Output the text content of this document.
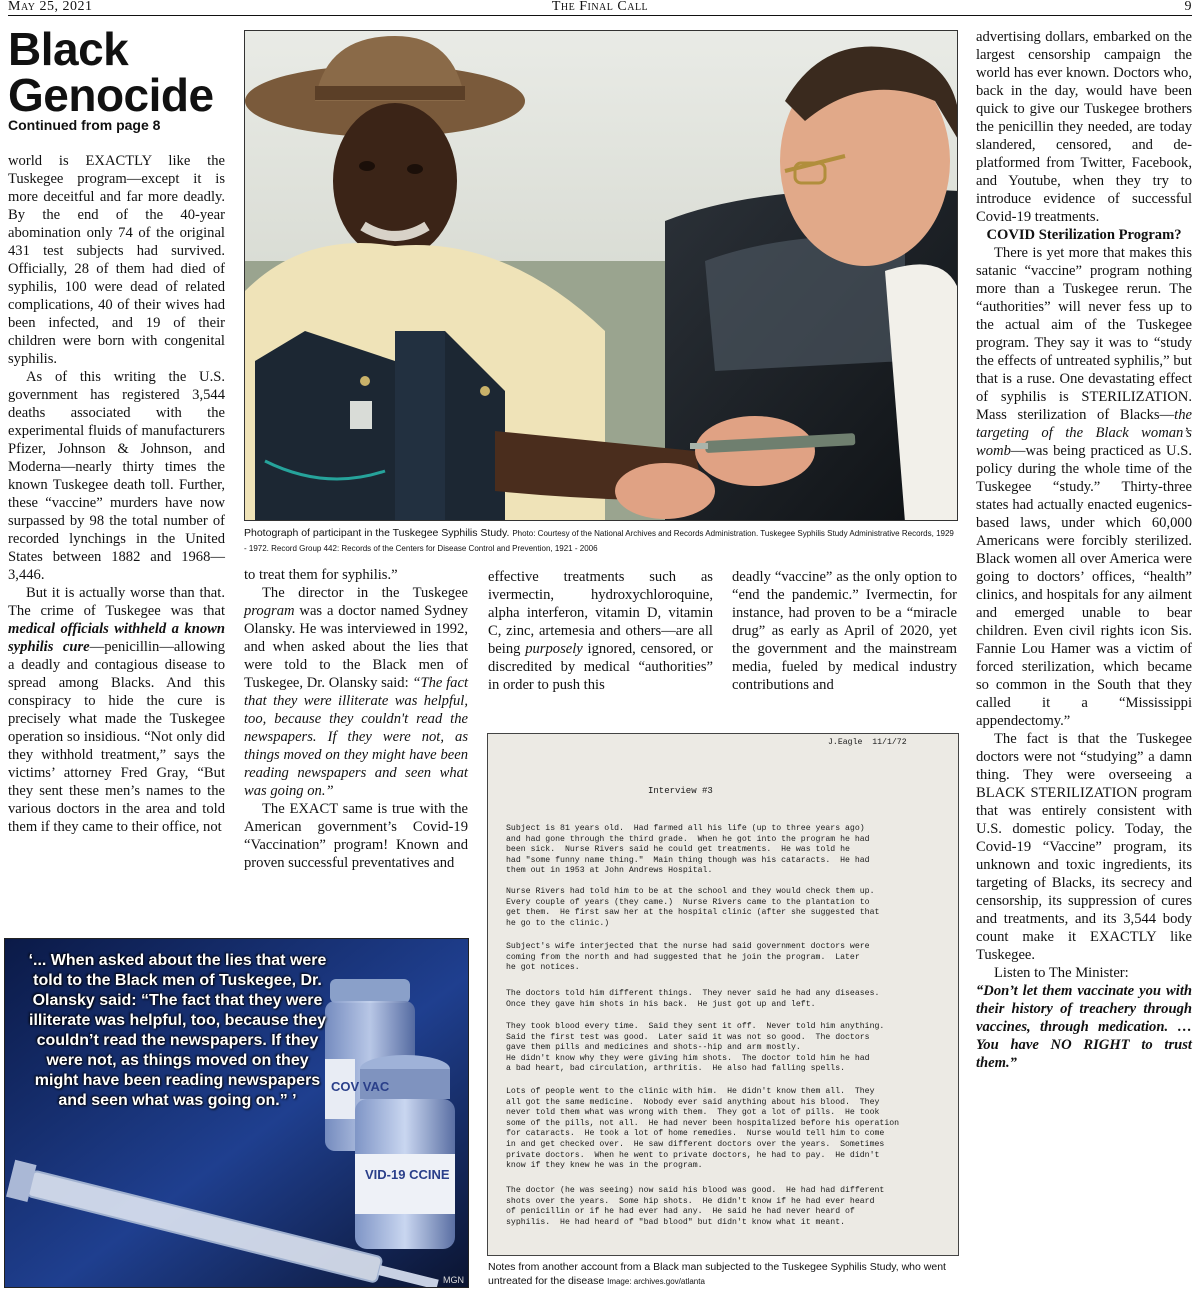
May 25, 2021	The Final Call	9
Black Genocide
Continued from page 8

world is EXACTLY like the Tuskegee program—except it is more deceitful and far more deadly. By the end of the 40-year abomination only 74 of the original 431 test subjects had survived. Officially, 28 of them had died of syphilis, 100 were dead of related complications, 40 of their wives had been infected, and 19 of their children were born with congenital syphilis.

As of this writing the U.S. government has registered 3,544 deaths associated with the experimental fluids of manufacturers Pfizer, Johnson & Johnson, and Moderna—nearly thirty times the known Tuskegee death toll. Further, these “vaccine” murders have now surpassed by 98 the total number of recorded lynchings in the United States between 1882 and 1968—3,446.

But it is actually worse than that. The crime of Tuskegee was that medical officials withheld a known syphilis cure—penicillin—allowing a deadly and contagious disease to spread among Blacks. And this conspiracy to hide the cure is precisely what made the Tuskegee operation so insidious. “Not only did they withhold treatment,” says the victims’ attorney Fred Gray, “But they sent these men’s names to the various doctors in the area and told them if they came to their office, not

Photograph of participant in the Tuskegee Syphilis Study. Photo: Courtesy of the National Archives and Records Administration. Tuskegee Syphilis Study Administrative Records, 1929 - 1972. Record Group 442: Records of the Centers for Disease Control and Prevention, 1921 - 2006

to treat them for syphilis.”

The director in the Tuskegee program was a doctor named Sydney Olansky. He was interviewed in 1992, and when asked about the lies that were told to the Black men of Tuskegee, Dr. Olansky said: “The fact that they were illiterate was helpful, too, because they couldn't read the newspapers. If they were not, as things moved on they might have been reading newspapers and seen what was going on.”

The EXACT same is true with the American government’s Covid-19 “Vaccination” program! Known and proven successful preventatives and

effective treatments such as ivermectin, hydroxychloroquine, alpha interferon, vitamin D, vitamin C, zinc, artemesia and others—are all being purposely ignored, censored, or discredited by medical “authorities” in order to push this

deadly “vaccine” as the only option to “end the pandemic.” Ivermectin, for instance, had proven to be a “miracle drug” as early as April of 2020, yet the government and the mainstream media, fueled by medical industry contributions and

advertising dollars, embarked on the largest censorship campaign the world has ever known. Doctors who, back in the day, would have been quick to give our Tuskegee brothers the penicillin they needed, are today slandered, censored, and de-platformed from Twitter, Facebook, and Youtube, when they try to introduce evidence of successful Covid-19 treatments.

COVID Sterilization Program?

There is yet more that makes this satanic “vaccine” program nothing more than a Tuskegee rerun. The “authorities” will never fess up to the actual aim of the Tuskegee program. They say it was to “study the effects of untreated syphilis,” but that is a ruse. One devastating effect of syphilis is STERILIZATION. Mass sterilization of Blacks—the targeting of the Black woman’s womb—was being practiced as U.S. policy during the whole time of the Tuskegee “study.” Thirty-three states had actually enacted eugenics-based laws, under which 60,000 Americans were forcibly sterilized. Black women all over America were going to doctors’ offices, “health” clinics, and hospitals for any ailment and emerged unable to bear children. Even civil rights icon Sis. Fannie Lou Hamer was a victim of forced sterilization, which became so common in the South that they called it a “Mississippi appendectomy.”

The fact is that the Tuskegee doctors were not “studying” a damn thing. They were overseeing a BLACK STERILIZATION program that was entirely consistent with U.S. domestic policy. Today, the Covid-19 “Vaccine” program, its unknown and toxic ingredients, its targeting of Blacks, its secrecy and censorship, its suppression of cures and treatments, and its 3,544 body count make it EXACTLY like Tuskegee.

Listen to The Minister:

“Don’t let them vaccinate you with their history of treachery through vaccines, through medication. … You have NO RIGHT to trust them.”

COV VAC
VID-19 CCINE
‘... When asked about the lies that were told to the Black men of Tuskegee, Dr. Olansky said: “The fact that they were illiterate was helpful, too, because they couldn’t read the newspapers. If they were not, as things moved on they might have been reading newspapers and seen what was going on.” ’
MGN
J.Eagle  11/1/72
Interview #3
Subject is 81 years old.  Had farmed all his life (up to three years ago)
and had gone through the third grade.  When he got into the program he had
been sick.  Nurse Rivers said he could get treatments.  He was told he
had "some funny name thing."  Main thing though was his cataracts.  He had
them out in 1953 at John Andrews Hospital.
Nurse Rivers had told him to be at the school and they would check them up.
Every couple of years (they came.)  Nurse Rivers came to the plantation to
get them.  He first saw her at the hospital clinic (after she suggested that
he go to the clinic.)
Subject's wife interjected that the nurse had said government doctors were
coming from the north and had suggested that he join the program.  Later
he got notices.
The doctors told him different things.  They never said he had any diseases.
Once they gave him shots in his back.  He just got up and left.
They took blood every time.  Said they sent it off.  Never told him anything.
Said the first test was good.  Later said it was not so good.  The doctors
gave them pills and medicines and shots--hip and arm mostly.
He didn't know why they were giving him shots.  The doctor told him he had
a bad heart, bad circulation, arthritis.  He also had falling spells.
Lots of people went to the clinic with him.  He didn't know them all.  They
all got the same medicine.  Nobody ever said anything about his blood.  They
never told them what was wrong with them.  They got a lot of pills.  He took
some of the pills, not all.  He had never been hospitalized before his operation
for cataracts.  He took a lot of home remedies.  Nurse would tell him to come
in and get checked over.  He saw different doctors over the years.  Sometimes
private doctors.  When he went to private doctors, he had to pay.  He didn't
know if they knew he was in the program.
The doctor (he was seeing) now said his blood was good.  He had had different
shots over the years.  Some hip shots.  He didn't know if he had ever heard
of penicillin or if he had ever had any.  He said he had never heard of
syphilis.  He had heard of "bad blood" but didn't know what it meant.
Notes from another account from a Black man subjected to the Tuskegee Syphilis Study, who went untreated for the disease Image: archives.gov/atlanta
